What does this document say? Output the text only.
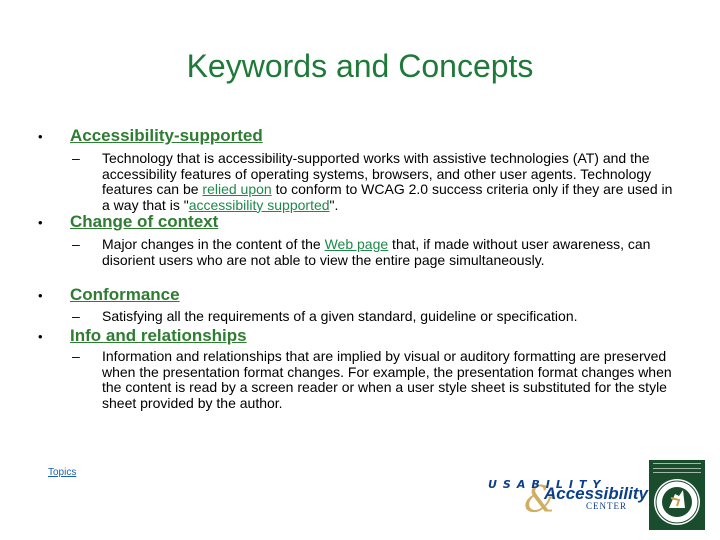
Keywords and Concepts
• Accessibility-supported
– Technology that is accessibility-supported works with assistive technologies (AT) and the accessibility features of operating systems, browsers, and other user agents. Technology features can be relied upon to conform to WCAG 2.0 success criteria only if they are used in a way that is "accessibility supported".
• Change of context
– Major changes in the content of the Web page that, if made without user awareness, can disorient users who are not able to view the entire page simultaneously.
• Conformance
– Satisfying all the requirements of a given standard, guideline or specification.
• Info and relationships
– Information and relationships that are implied by visual or auditory formatting are preserved when the presentation format changes. For example, the presentation format changes when the content is read by a screen reader or when a user style sheet is substituted for the style sheet provided by the author.
Topics
&
USABILITY
Accessibility
CENTER
